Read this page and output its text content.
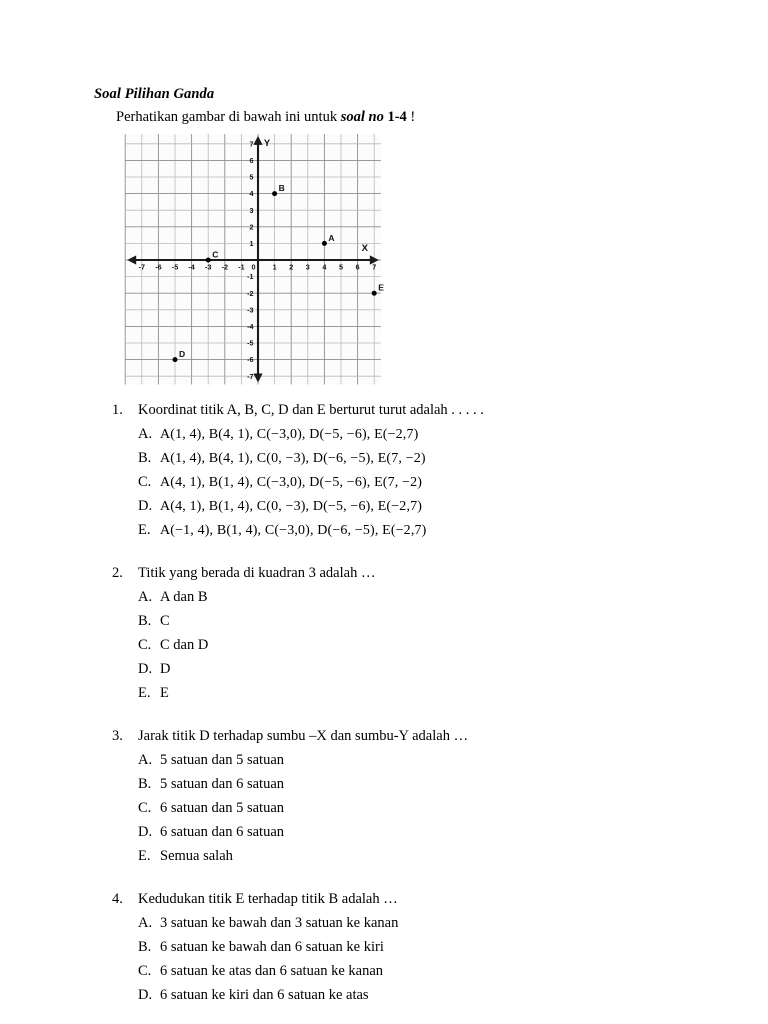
Soal Pilihan Ganda
Perhatikan gambar di bawah ini untuk soal no 1-4 !
X
Y
-7 -6 -5 -4 -3 -2 -1 0 1 2 3 4 5 6 7
-7
-6
-5
-4
-3
-2
-1
1
2
3
4
5
6
7
A
B
C
D
E
1.	Koordinat titik A, B, C, D dan E berturut turut adalah . . . . .
A. A(1, 4), B(4, 1), C(−3,0), D(−5, −6), E(−2,7)
B. A(1, 4), B(4, 1), C(0, −3), D(−6, −5), E(7, −2)
C. A(4, 1), B(1, 4), C(−3,0), D(−5, −6), E(7, −2)
D. A(4, 1), B(1, 4), C(0, −3), D(−5, −6), E(−2,7)
E. A(−1, 4), B(1, 4), C(−3,0), D(−6, −5), E(−2,7)
2.	Titik yang berada di kuadran 3 adalah …
A. A dan B
B. C
C. C dan D
D. D
E. E
3.	Jarak titik D terhadap sumbu –X dan sumbu-Y adalah …
A. 5 satuan dan 5 satuan
B. 5 satuan dan 6 satuan
C. 6 satuan dan 5 satuan
D. 6 satuan dan 6 satuan
E. Semua salah
4.	Kedudukan titik E terhadap titik B adalah …
A. 3 satuan ke bawah dan 3 satuan ke kanan
B. 6 satuan ke bawah dan 6 satuan ke kiri
C. 6 satuan ke atas dan 6 satuan ke kanan
D. 6 satuan ke kiri dan 6 satuan ke atas
